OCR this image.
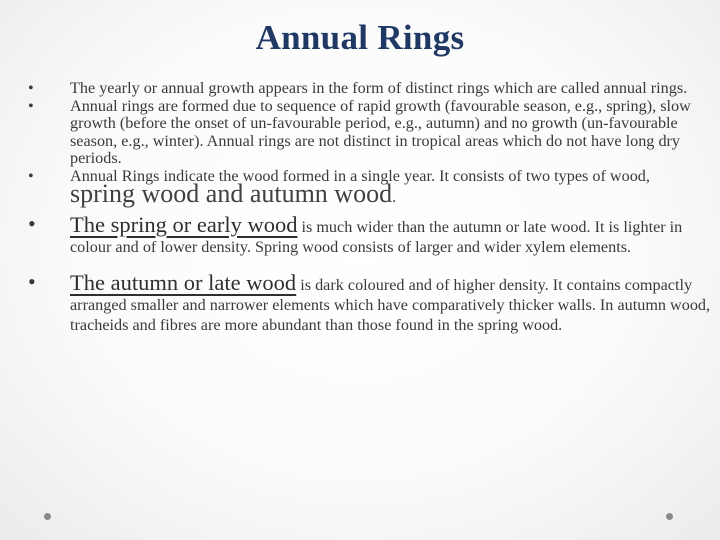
Annual Rings
•	The yearly or annual growth appears in the form of distinct rings which are called annual rings.
•	Annual rings are formed due to sequence of rapid growth (favourable season, e.g., spring), slow growth (before the onset of un-favourable period, e.g., autumn) and no growth (un-favourable season, e.g., winter). Annual rings are not distinct in tropical areas which do not have long dry periods.
•	Annual Rings indicate the wood formed in a single year. It consists of two types of wood, spring wood and autumn wood.
•	The spring or early wood is much wider than the autumn or late wood. It is lighter in colour and of lower density. Spring wood consists of larger and wider xylem elements.
•	The autumn or late wood is dark coloured and of higher density. It contains compactly arranged smaller and narrower elements which have comparatively thicker walls. In autumn wood, tracheids and fibres are more abundant than those found in the spring wood.
